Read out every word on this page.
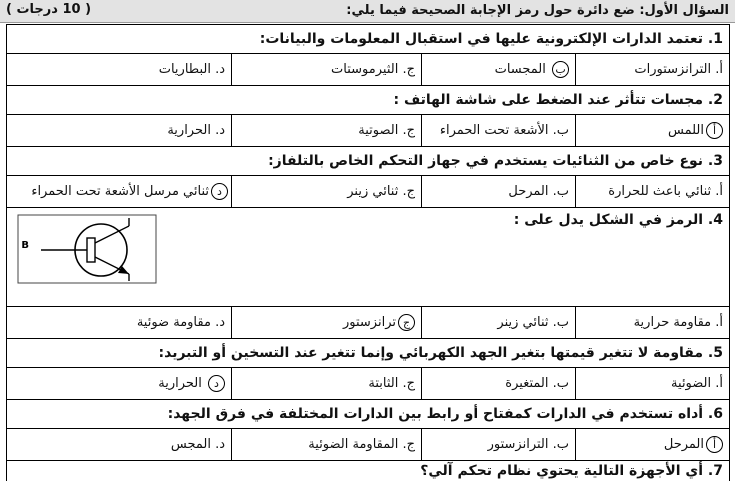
السؤال الأول: ضع دائرة حول رمز الإجابة الصحيحة فيما يلي:
( 10 درجات )
1. تعتمد الدارات الإلكترونية عليها في استقبال المعلومات والبيانات:			
أ. الترانزستورات	ب المجسات	ج. الثيرموستات	د. البطاريات
2. مجسات تتأثر عند الضغط على شاشة الهاتف :			
أاللمس	ب. الأشعة تحت الحمراء	ج. الصوتية	د. الحرارية
3. نوع خاص من الثنائيات يستخدم في جهاز التحكم الخاص بالتلفاز:			
أ. ثنائي باعث للحرارة	ب. المرحل	ج. ثنائي زينر	دثنائي مرسل الأشعة تحت الحمراء
4. الرمز في الشكل يدل على :
B			

أ. مقاومة حرارية	ب. ثنائي زينر	جترانزستور	د. مقاومة ضوئية
5. مقاومة لا تتغير قيمتها بتغير الجهد الكهربائي وإنما تتغير عند التسخين أو التبريد:			
أ. الضوئية	ب. المتغيرة	ج. الثابتة	د الحرارية
6. أداه تستخدم في الدارات كمفتاح أو رابط بين الدارات المختلفة في فرق الجهد:			
أالمرحل	ب. الترانزستور	ج. المقاومة الضوئية	د. المجس
7. أي الأجهزة التالية يحتوي نظام تحكم آلي؟			
